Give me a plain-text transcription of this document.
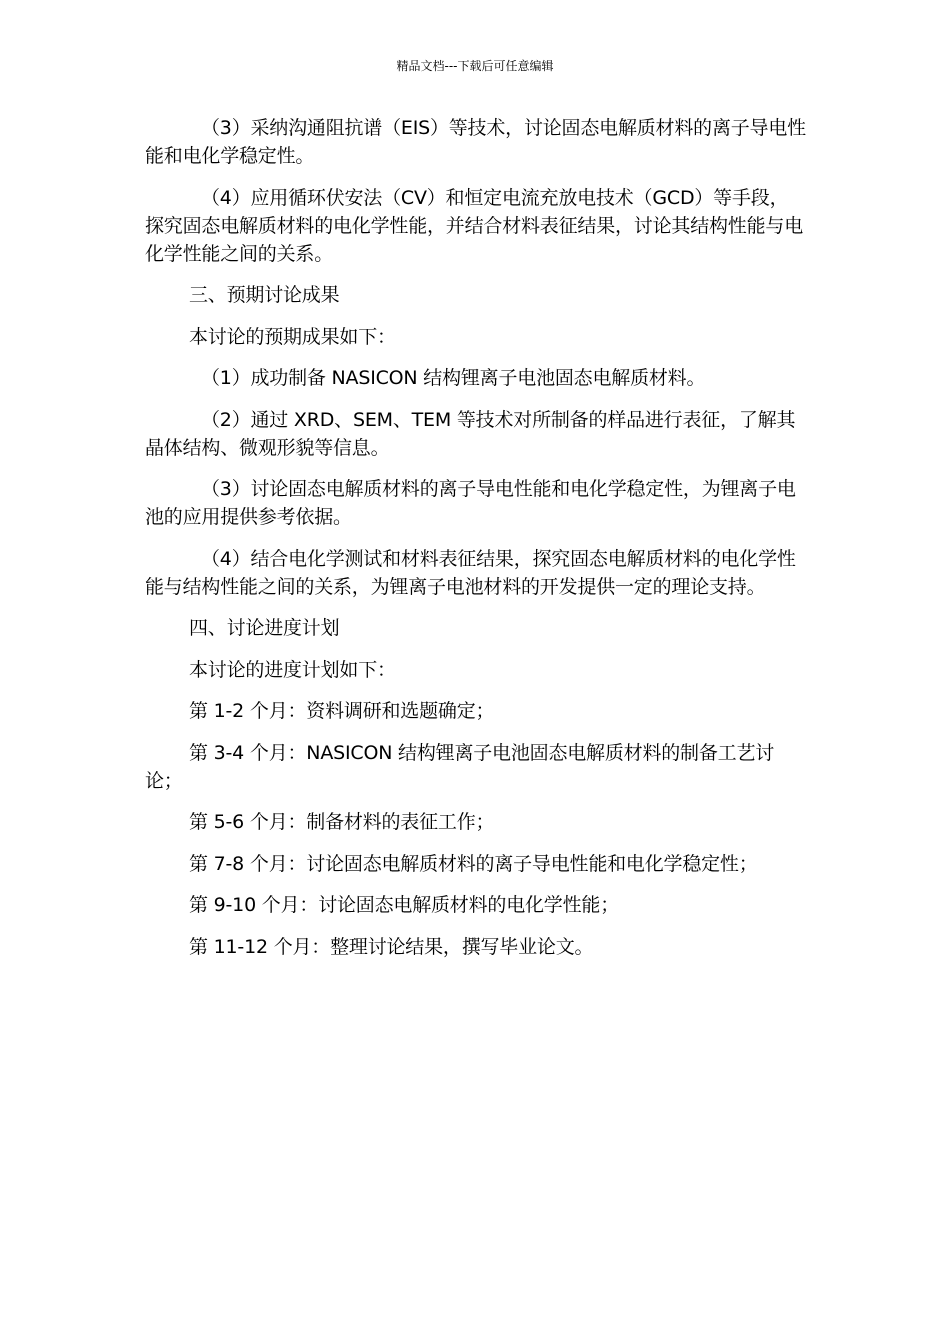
精品文档---下载后可任意编辑

（3）采纳沟通阻抗谱（EIS）等技术，讨论固态电解质材料的离子导电性能和电化学稳定性。

（4）应用循环伏安法（CV）和恒定电流充放电技术（GCD）等手段，探究固态电解质材料的电化学性能，并结合材料表征结果，讨论其结构性能与电化学性能之间的关系。

三、预期讨论成果

本讨论的预期成果如下：

（1）成功制备 NASICON 结构锂离子电池固态电解质材料。

（2）通过 XRD、SEM、TEM 等技术对所制备的样品进行表征，了解其晶体结构、微观形貌等信息。

（3）讨论固态电解质材料的离子导电性能和电化学稳定性，为锂离子电池的应用提供参考依据。

（4）结合电化学测试和材料表征结果，探究固态电解质材料的电化学性能与结构性能之间的关系，为锂离子电池材料的开发提供一定的理论支持。

四、讨论进度计划

本讨论的进度计划如下：

第 1-2 个月：资料调研和选题确定；

第 3-4 个月：NASICON 结构锂离子电池固态电解质材料的制备工艺讨论；

第 5-6 个月：制备材料的表征工作；

第 7-8 个月：讨论固态电解质材料的离子导电性能和电化学稳定性；

第 9-10 个月：讨论固态电解质材料的电化学性能；

第 11-12 个月：整理讨论结果，撰写毕业论文。
